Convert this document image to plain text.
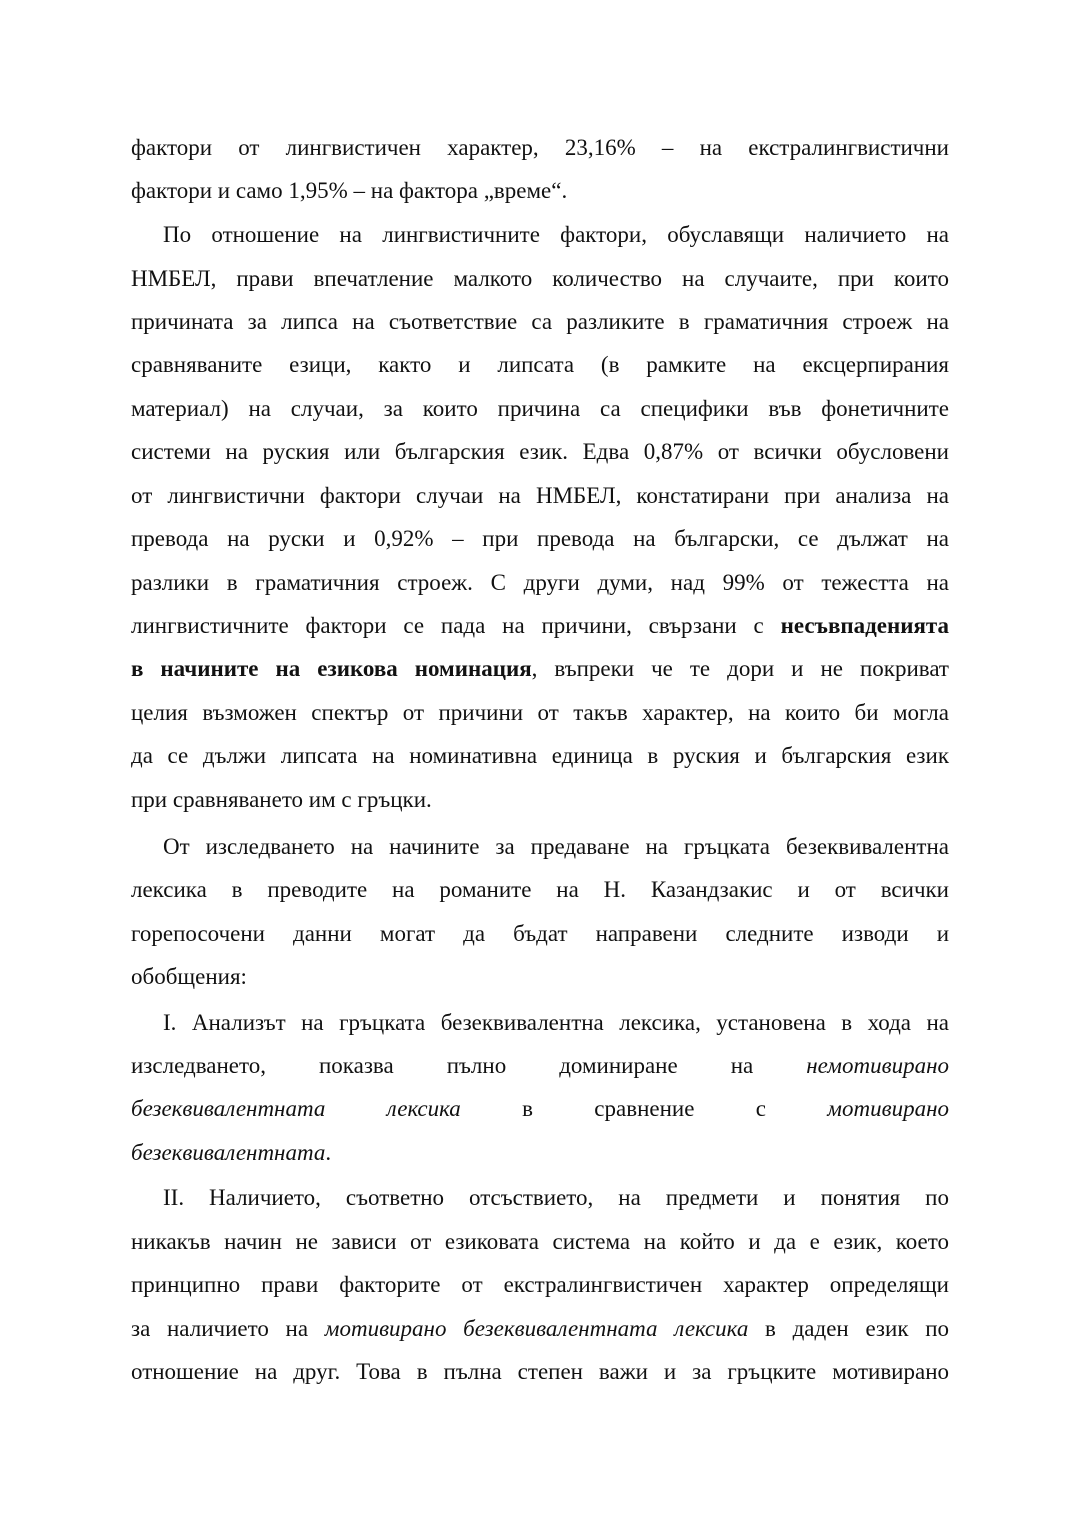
фактори от лингвистичен характер, 23,16% – на екстралингвистични
фактори и само 1,95% – на фактора „време“.
По отношение на лингвистичните фактори, обуславящи наличието на
НМБЕЛ, прави впечатление малкото количество на случаите, при които
причината за липса на съответствие са разликите в граматичния строеж на
сравняваните езици, както и липсата (в рамките на ексцерпирания
материал) на случаи, за които причина са специфики във фонетичните
системи на руския или българския език. Едва 0,87% от всички обусловени
от лингвистични фактори случаи на НМБЕЛ, констатирани при анализа на
превода на руски и 0,92% – при превода на български, се дължат на
разлики в граматичния строеж. С други думи, над 99% от тежестта на
лингвистичните фактори се пада на причини, свързани с несъвпаденията
в начините на езикова номинация, въпреки че те дори и не покриват
целия възможен спектър от причини от такъв характер, на които би могла
да се дължи липсата на номинативна единица в руския и българския език
при сравняването им с гръцки.
От изследването на начините за предаване на гръцката безеквивалентна
лексика в преводите на романите на Н. Казандзакис и от всички
горепосочени данни могат да бъдат направени следните изводи и
обобщения:
I. Анализът на гръцката безеквивалентна лексика, установена в хода на
изследването, показва пълно доминиране на немотивирано
безеквивалентната лексика в сравнение с мотивирано
безеквивалентната.
II. Наличието, съответно отсъствието, на предмети и понятия по
никакъв начин не зависи от езиковата система на който и да е език, което
принципно прави факторите от екстралингвистичен характер определящи
за наличието на мотивирано безеквивалентната лексика в даден език по
отношение на друг. Това в пълна степен важи и за гръцките мотивирано
